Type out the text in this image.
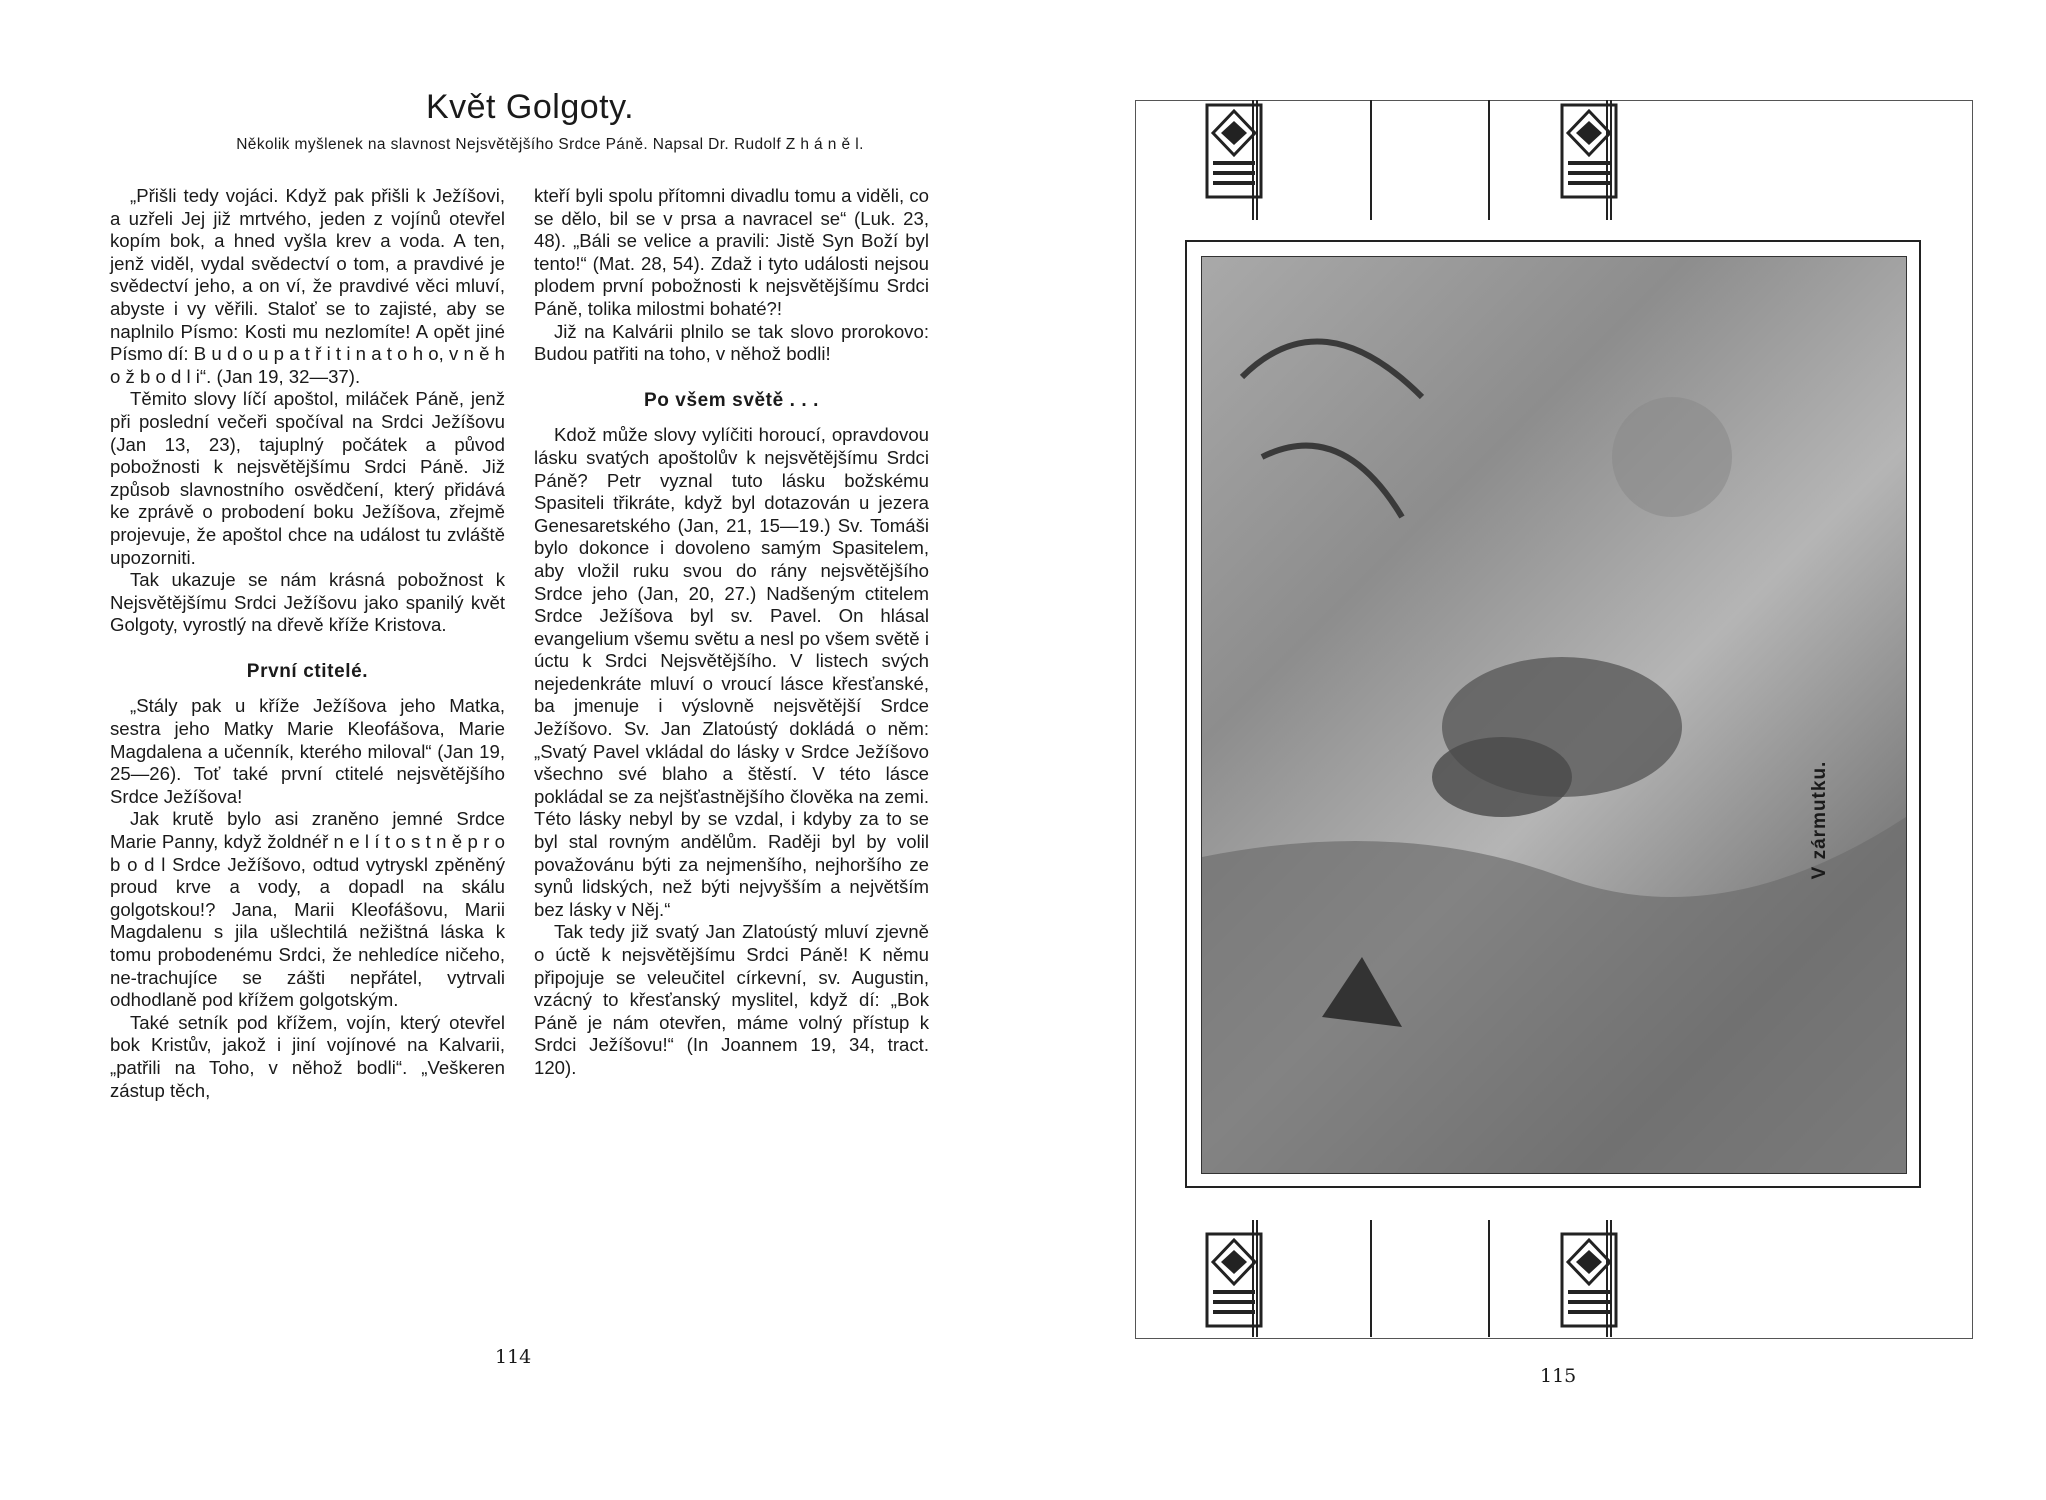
Květ Golgoty.
Několik myšlenek na slavnost Nejsvětějšího Srdce Páně. Napsal Dr. Rudolf Z h á n ě l.

„Přišli tedy vojáci. Když pak přišli k Ježíšovi, a uzřeli Jej již mrtvého, jeden z vojínů otevřel kopím bok, a hned vyšla krev a voda. A ten, jenž viděl, vydal svědectví o tom, a pravdivé je svědectví jeho, a on ví, že pravdivé věci mluví, abyste i vy věřili. Staloť se to zajisté, aby se naplnilo Písmo: Kosti mu nezlomíte! A opět jiné Písmo dí: B u d o u p a t ř i t i n a t o h o, v n ě h o ž b o d l i“. (Jan 19, 32—37).

Těmito slovy líčí apoštol, miláček Páně, jenž při poslední večeři spočíval na Srdci Ježíšovu (Jan 13, 23), tajuplný počátek a původ pobožnosti k nejsvětějšímu Srdci Páně. Již způsob slavnostního osvědčení, který přidává ke zprávě o probodení boku Ježíšova, zřejmě projevuje, že apoštol chce na událost tu zvláště upozorniti.

Tak ukazuje se nám krásná pobožnost k Nejsvětějšímu Srdci Ježíšovu jako spanilý květ Golgoty, vyrostlý na dřevě kříže Kristova.

První ctitelé.

„Stály pak u kříže Ježíšova jeho Matka, sestra jeho Matky Marie Kleofášova, Marie Magdalena a učenník, kterého miloval“ (Jan 19, 25—26). Toť také první ctitelé nejsvětějšího Srdce Ježíšova!

Jak krutě bylo asi zraněno jemné Srdce Marie Panny, když žoldnéř n e l í t o s t n ě p r o b o d l Srdce Ježíšovo, odtud vytryskl zpěněný proud krve a vody, a dopadl na skálu golgotskou!? Jana, Marii Kleofášovu, Marii Magdalenu s jila ušlechtilá nežištná láska k tomu probodenému Srdci, že nehledíce ničeho, ne-trachujíce se zášti nepřátel, vytrvali odhodlaně pod křížem golgotským.

Také setník pod křížem, vojín, který otevřel bok Kristův, jakož i jiní vojínové na Kalvarii, „patřili na Toho, v něhož bodli“. „Veškeren zástup těch,

kteří byli spolu přítomni divadlu tomu a viděli, co se dělo, bil se v prsa a navracel se“ (Luk. 23, 48). „Báli se velice a pravili: Jistě Syn Boží byl tento!“ (Mat. 28, 54). Zdaž i tyto události nejsou plodem první pobožnosti k nejsvětějšímu Srdci Páně, tolika milostmi bohaté?!

Již na Kalvárii plnilo se tak slovo prorokovo: Budou patřiti na toho, v něhož bodli!

Po všem světě . . .

Kdož může slovy vylíčiti horoucí, opravdovou lásku svatých apoštolův k nejsvětějšímu Srdci Páně? Petr vyznal tuto lásku božskému Spasiteli třikráte, když byl dotazován u jezera Genesaretského (Jan, 21, 15—19.) Sv. Tomáši bylo dokonce i dovoleno samým Spasitelem, aby vložil ruku svou do rány nejsvětějšího Srdce jeho (Jan, 20, 27.) Nadšeným ctitelem Srdce Ježíšova byl sv. Pavel. On hlásal evangelium všemu světu a nesl po všem světě i úctu k Srdci Nejsvětějšího. V listech svých nejedenkráte mluví o vroucí lásce křesťanské, ba jmenuje i výslovně nejsvětější Srdce Ježíšovo. Sv. Jan Zlatoústý dokládá o něm: „Svatý Pavel vkládal do lásky v Srdce Ježíšovo všechno své blaho a štěstí. V této lásce pokládal se za nejšťastnějšího člověka na zemi. Této lásky nebyl by se vzdal, i kdyby za to se byl stal rovným andělům. Raději byl by volil považovánu býti za nejmenšího, nejhoršího ze synů lidských, než býti nejvyšším a největším bez lásky v Něj.“

Tak tedy již svatý Jan Zlatoústý mluví zjevně o úctě k nejsvětějšímu Srdci Páně! K němu připojuje se veleučitel církevní, sv. Augustin, vzácný to křesťanský myslitel, když dí: „Bok Páně je nám otevřen, máme volný přístup k Srdci Ježíšovu!“ (In Joannem 19, 34, tract. 120).

114
V zármutku.
115
